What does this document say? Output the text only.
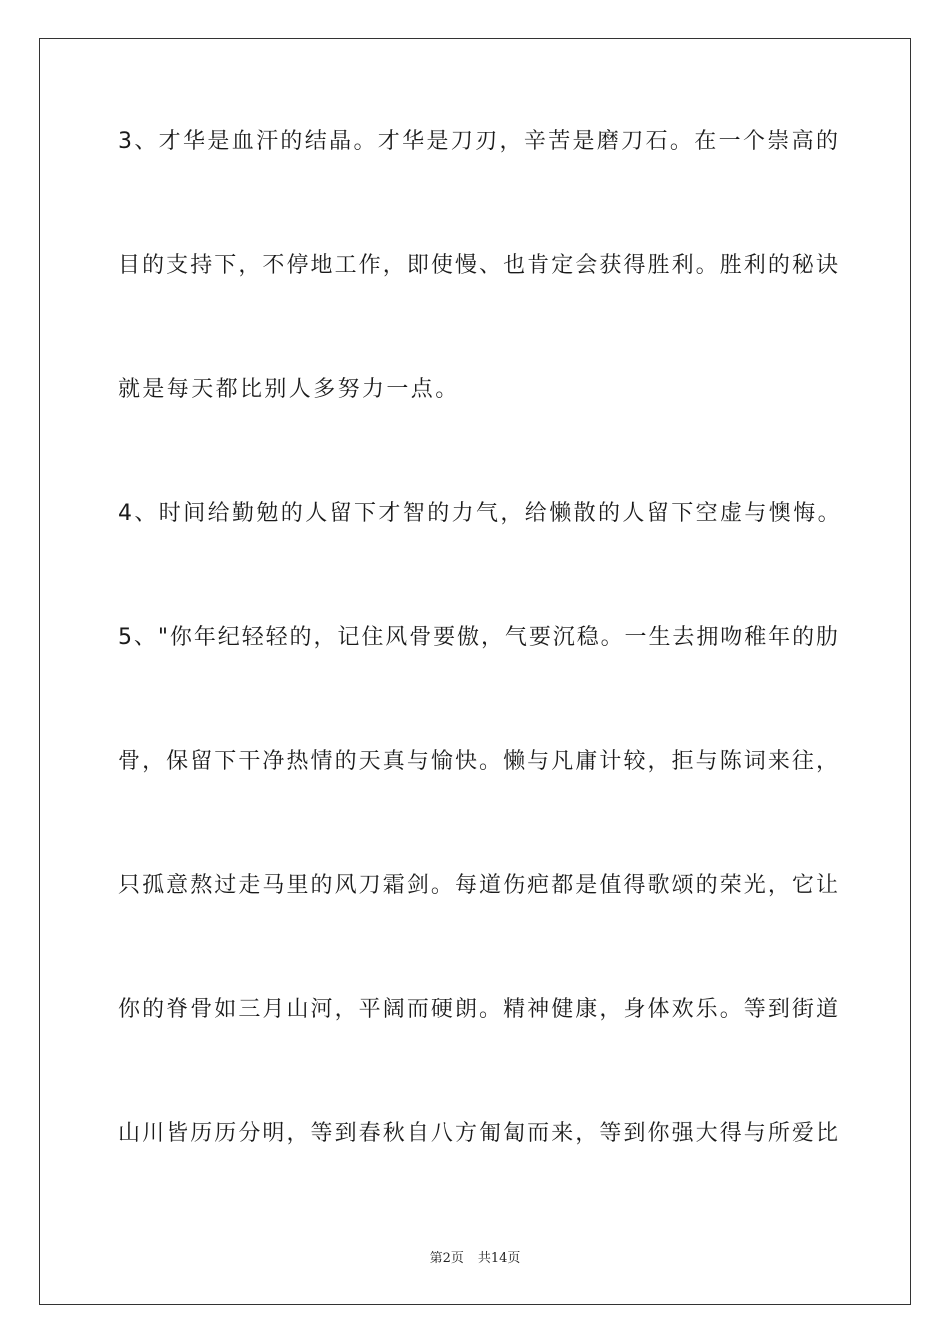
3、才华是血汗的结晶。才华是刀刃，辛苦是磨刀石。在一个崇高的

目的支持下，不停地工作，即使慢、也肯定会获得胜利。胜利的秘诀

就是每天都比别人多努力一点。

4、时间给勤勉的人留下才智的力气，给懒散的人留下空虚与懊悔。

5、"你年纪轻轻的，记住风骨要傲，气要沉稳。一生去拥吻稚年的肋

骨，保留下干净热情的天真与愉快。懒与凡庸计较，拒与陈词来往，

只孤意熬过走马里的风刀霜剑。每道伤疤都是值得歌颂的荣光，它让

你的脊骨如三月山河，平阔而硬朗。精神健康，身体欢乐。等到街道

山川皆历历分明，等到春秋自八方匍匐而来，等到你强大得与所爱比

第2页 共14页
